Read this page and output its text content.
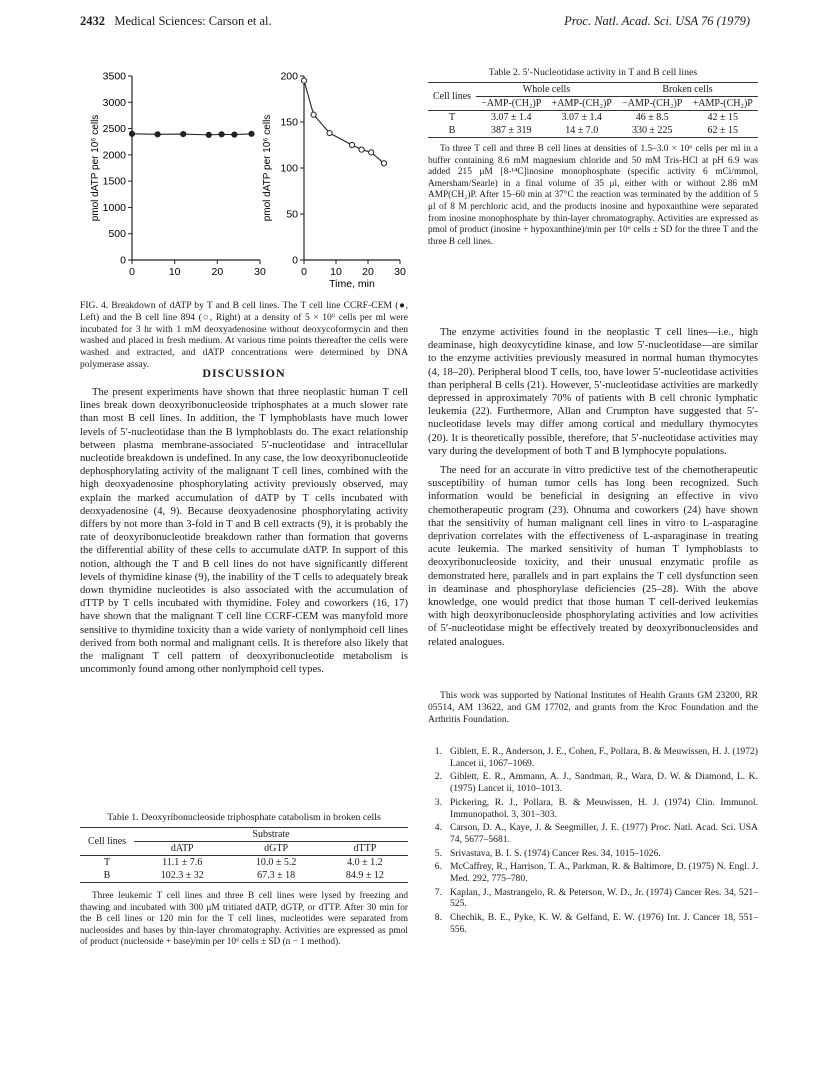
2432 Medical Sciences: Carson et al.	Proc. Natl. Acad. Sci. USA 76 (1979)
0
500
1000
1500
2000
2500
3000
3500
0	10	20	30
pmol dATP per 10⁶ cells
0
50
100
150
200
0 10 20 30
pmol dATP per 10⁶ cells
Time, min
FIG. 4. Breakdown of dATP by T and B cell lines. The T cell line CCRF-CEM (●, Left) and the B cell line 894 (○, Right) at a density of 5 × 10⁶ cells per ml were incubated for 3 hr with 1 mM deoxyadenosine without deoxycoformycin and then washed and placed in fresh medium. At various time points thereafter the cells were washed and extracted, and dATP concentrations were determined by DNA polymerase assay.
DISCUSSION

The present experiments have shown that three neoplastic human T cell lines break down deoxyribonucleoside triphosphates at a much slower rate than most B cell lines. In addition, the T lymphoblasts have much lower levels of 5′-nucleotidase than the B lymphoblasts do. The exact relationship between plasma membrane-associated 5′-nucleotidase and intracellular nucleotide breakdown is undefined. In any case, the low deoxyribonucleotide dephosphorylating activity of the malignant T cell lines, combined with the high deoxyadenosine phosphorylating activity previously observed, may explain the marked accumulation of dATP by T cells incubated with deoxyadenosine (4, 9). Because deoxyadenosine phosphorylating activity differs by not more than 3-fold in T and B cell extracts (9), it is probably the rate of deoxyribonucleotide breakdown rather than formation that governs the differential ability of these cells to accumulate dATP. In support of this notion, although the T and B cell lines do not have significantly different levels of thymidine kinase (9), the inability of the T cells to adequately break down thymidine nucleotides is also associated with the accumulation of dTTP by T cells incubated with thymidine. Foley and coworkers (16, 17) have shown that the malignant T cell line CCRF-CEM was manyfold more sensitive to thymidine toxicity than a wide variety of nonlymphoid cell lines derived from both normal and malignant cells. It is therefore also likely that the malignant T cell pattern of deoxyribonucleotide metabolism is uncommonly found among other nonlymphoid cell types.

Table 1. Deoxyribonucleoside triphosphate catabolism in broken cells
Cell lines	Substrate		
	dATP	dGTP	dTTP
T	11.1 ± 7.6	10.0 ± 5.2	4.0 ± 1.2
B	102.3 ± 32	67.3 ± 18	84.9 ± 12
Three leukemic T cell lines and three B cell lines were lysed by freezing and thawing and incubated with 300 μM tritiated dATP, dGTP, or dTTP. After 30 min for the B cell lines or 120 min for the T cell lines, nucleotides were separated from nucleosides and bases by thin-layer chromatography. Activities are expressed as pmol of product (nucleoside + base)/min per 10⁶ cells ± SD (n − 1 method).
Table 2. 5′-Nucleotidase activity in T and B cell lines
Cell lines	Whole cells		Broken cells	
	−AMP-(CH₂)P	+AMP-(CH₂)P	−AMP-(CH₂)P	+AMP-(CH₂)P
T	3.07 ± 1.4	3.07 ± 1.4	46 ± 8.5	42 ± 15
B	387 ± 319	14 ± 7.0	330 ± 225	62 ± 15
To three T cell and three B cell lines at densities of 1.5–3.0 × 10⁶ cells per ml in a buffer containing 8.6 mM magnesium chloride and 50 mM Tris-HCl at pH 6.9 was added 215 μM [8-¹⁴C]inosine monophosphate (specific activity 6 mCi/mmol, Amersham/Searle) in a final volume of 35 μl, either with or without 2.86 mM AMP(CH₂)P. After 15–60 min at 37°C the reaction was terminated by the addition of 5 μl of 8 M perchloric acid, and the products inosine and hypoxanthine were separated from inosine monophosphate by thin-layer chromatography. Activities are expressed as pmol of product (inosine + hypoxanthine)/min per 10⁶ cells ± SD for the three T and the three B cell lines.

The enzyme activities found in the neoplastic T cell lines—i.e., high deaminase, high deoxycytidine kinase, and low 5′-nucleotidase—are similar to the enzyme activities previously measured in normal human thymocytes (4, 18–20). Peripheral blood T cells, too, have lower 5′-nucleotidase activities than peripheral B cells (21). However, 5′-nucleotidase activities are markedly depressed in approximately 70% of patients with B cell chronic lymphatic leukemia (22). Furthermore, Allan and Crumpton have suggested that 5′-nucleotidase levels may differ among cortical and medullary thymocytes (20). It is theoretically possible, therefore, that 5′-nucleotidase activities may vary during the development of both T and B lymphocyte populations.

The need for an accurate in vitro predictive test of the chemotherapeutic susceptibility of human tumor cells has long been recognized. Such information would be beneficial in designing an effective in vivo chemotherapeutic program (23). Ohnuma and coworkers (24) have shown that the sensitivity of human malignant cell lines in vitro to L-asparagine deprivation correlates with the effectiveness of L-asparaginase in treating acute leukemia. The marked sensitivity of human T lymphoblasts to deoxyribonucleoside toxicity, and their unusual enzymatic profile as demonstrated here, parallels and in part explains the T cell dysfunction seen in deaminase and phosphorylase deficiencies (25–28). With the above knowledge, one would predict that those human T cell-derived leukemias with high deoxyribonucleoside phosphorylating activities and low activities of 5′-nucleotidase might be effectively treated by deoxyribonucleosides and related analogues.

This work was supported by National Institutes of Health Grants GM 23200, RR 05514, AM 13622, and GM 17702, and grants from the Kroc Foundation and the Arthritis Foundation.
1. Giblett, E. R., Anderson, J. E., Cohen, F., Pollara, B. & Meuwissen, H. J. (1972) Lancet ii, 1067–1069.
2. Giblett, E. R., Ammann, A. J., Sandman, R., Wara, D. W. & Diamond, L. K. (1975) Lancet ii, 1010–1013.
3. Pickering, R. J., Pollara, B. & Meuwissen, H. J. (1974) Clin. Immunol. Immunopathol. 3, 301–303.
4. Carson, D. A., Kaye, J. & Seegmiller, J. E. (1977) Proc. Natl. Acad. Sci. USA 74, 5677–5681.
5. Srivastava, B. I. S. (1974) Cancer Res. 34, 1015–1026.
6. McCaffrey, R., Harrison, T. A., Parkman, R. & Baltimore, D. (1975) N. Engl. J. Med. 292, 775–780.
7. Kaplan, J., Mastrangelo, R. & Peterson, W. D., Jr. (1974) Cancer Res. 34, 521–525.
8. Chechik, B. E., Pyke, K. W. & Gelfand, E. W. (1976) Int. J. Cancer 18, 551–556.
